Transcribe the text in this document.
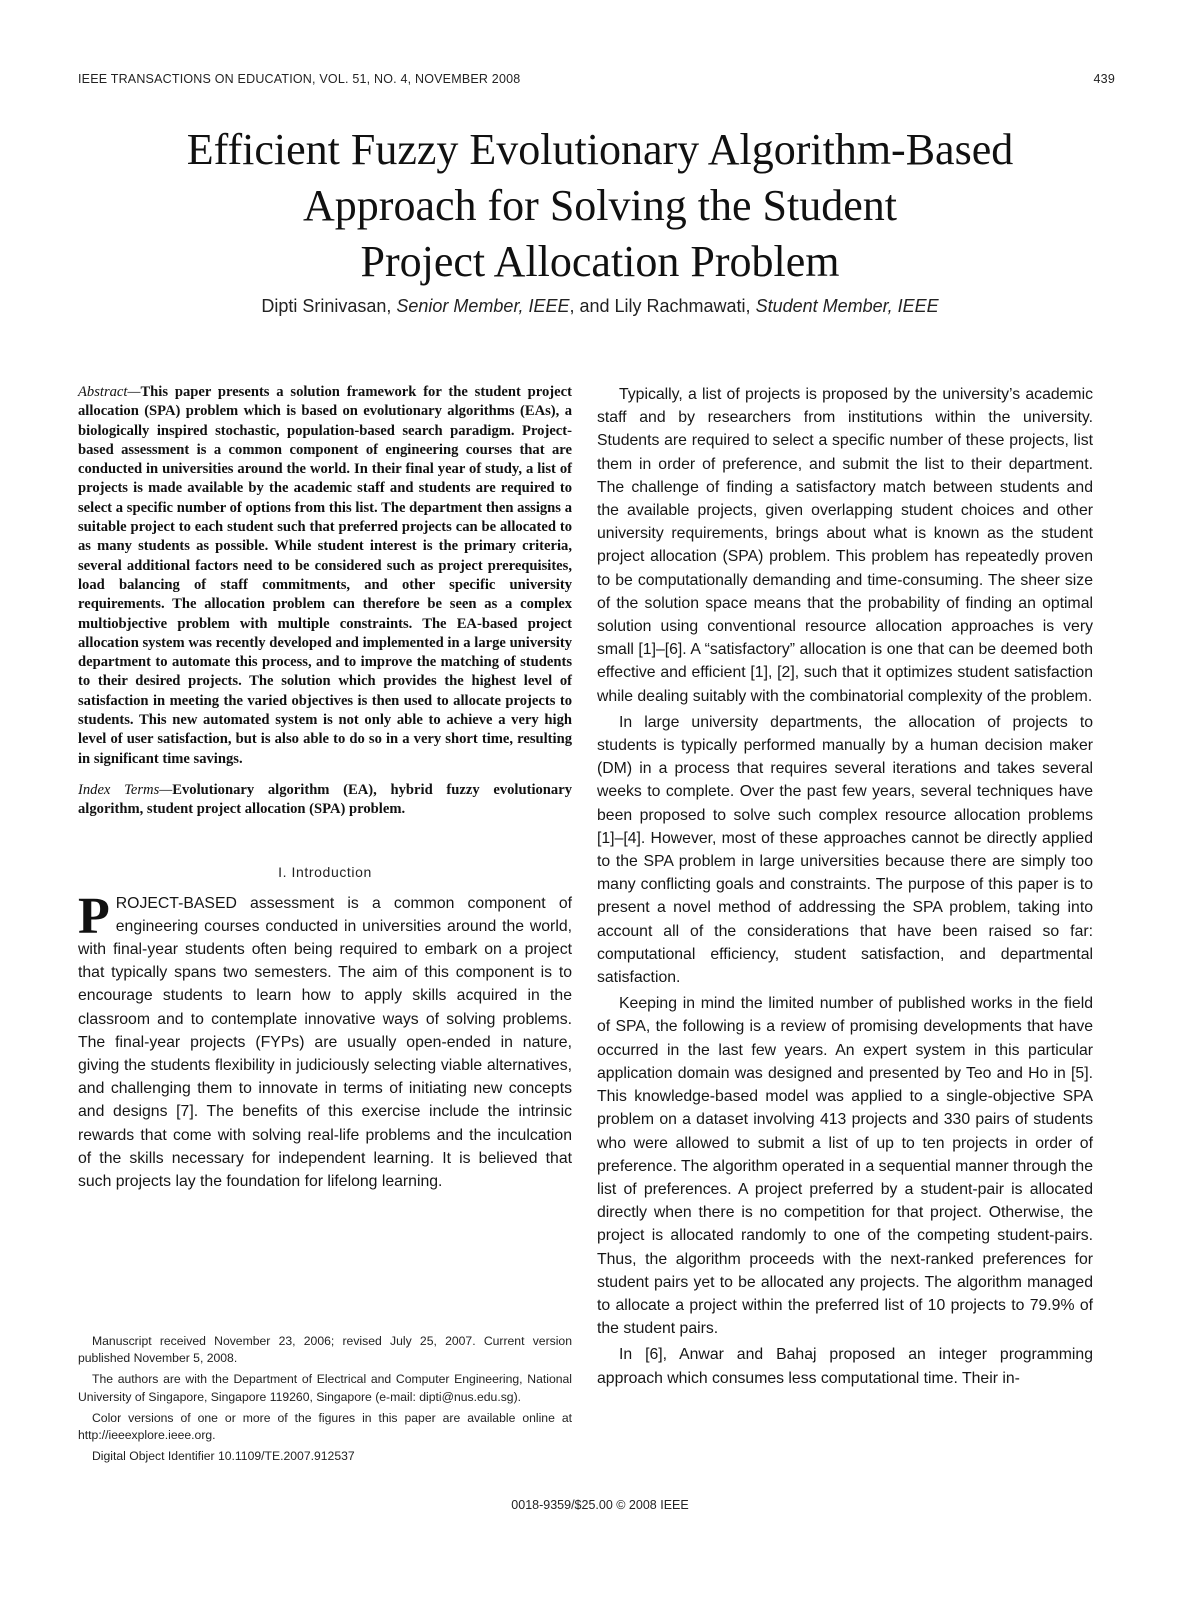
IEEE TRANSACTIONS ON EDUCATION, VOL. 51, NO. 4, NOVEMBER 2008	439
Efficient Fuzzy Evolutionary Algorithm-Based
Approach for Solving the Student
Project Allocation Problem
Dipti Srinivasan, Senior Member, IEEE, and Lily Rachmawati, Student Member, IEEE

Abstract—This paper presents a solution framework for the student project allocation (SPA) problem which is based on evolutionary algorithms (EAs), a biologically inspired stochastic, population-based search paradigm. Project-based assessment is a common component of engineering courses that are conducted in universities around the world. In their final year of study, a list of projects is made available by the academic staff and students are required to select a specific number of options from this list. The department then assigns a suitable project to each student such that preferred projects can be allocated to as many students as possible. While student interest is the primary criteria, several additional factors need to be considered such as project prerequisites, load balancing of staff commitments, and other specific university requirements. The allocation problem can therefore be seen as a complex multiobjective problem with multiple constraints. The EA-based project allocation system was recently developed and implemented in a large university department to automate this process, and to improve the matching of students to their desired projects. The solution which provides the highest level of satisfaction in meeting the varied objectives is then used to allocate projects to students. This new automated system is not only able to achieve a very high level of user satisfaction, but is also able to do so in a very short time, resulting in significant time savings.

Index Terms—Evolutionary algorithm (EA), hybrid fuzzy evolutionary algorithm, student project allocation (SPA) problem.

I. Introduction

PROJECT-BASED assessment is a common component of engineering courses conducted in universities around the world, with final-year students often being required to embark on a project that typically spans two semesters. The aim of this component is to encourage students to learn how to apply skills acquired in the classroom and to contemplate innovative ways of solving problems. The final-year projects (FYPs) are usually open-ended in nature, giving the students flexibility in judiciously selecting viable alternatives, and challenging them to innovate in terms of initiating new concepts and designs [7]. The benefits of this exercise include the intrinsic rewards that come with solving real-life problems and the inculcation of the skills necessary for independent learning. It is believed that such projects lay the foundation for lifelong learning.

Manuscript received November 23, 2006; revised July 25, 2007. Current version published November 5, 2008.

The authors are with the Department of Electrical and Computer Engineering, National University of Singapore, Singapore 119260, Singapore (e-mail: dipti@nus.edu.sg).

Color versions of one or more of the figures in this paper are available online at http://ieeexplore.ieee.org.

Digital Object Identifier 10.1109/TE.2007.912537

Typically, a list of projects is proposed by the university’s academic staff and by researchers from institutions within the university. Students are required to select a specific number of these projects, list them in order of preference, and submit the list to their department. The challenge of finding a satisfactory match between students and the available projects, given overlapping student choices and other university requirements, brings about what is known as the student project allocation (SPA) problem. This problem has repeatedly proven to be computationally demanding and time-consuming. The sheer size of the solution space means that the probability of finding an optimal solution using conventional resource allocation approaches is very small [1]–[6]. A “satisfactory” allocation is one that can be deemed both effective and efficient [1], [2], such that it optimizes student satisfaction while dealing suitably with the combinatorial complexity of the problem.

In large university departments, the allocation of projects to students is typically performed manually by a human decision maker (DM) in a process that requires several iterations and takes several weeks to complete. Over the past few years, several techniques have been proposed to solve such complex resource allocation problems [1]–[4]. However, most of these approaches cannot be directly applied to the SPA problem in large universities because there are simply too many conflicting goals and constraints. The purpose of this paper is to present a novel method of addressing the SPA problem, taking into account all of the considerations that have been raised so far: computational efficiency, student satisfaction, and departmental satisfaction.

Keeping in mind the limited number of published works in the field of SPA, the following is a review of promising developments that have occurred in the last few years. An expert system in this particular application domain was designed and presented by Teo and Ho in [5]. This knowledge-based model was applied to a single-objective SPA problem on a dataset involving 413 projects and 330 pairs of students who were allowed to submit a list of up to ten projects in order of preference. The algorithm operated in a sequential manner through the list of preferences. A project preferred by a student-pair is allocated directly when there is no competition for that project. Otherwise, the project is allocated randomly to one of the competing student-pairs. Thus, the algorithm proceeds with the next-ranked preferences for student pairs yet to be allocated any projects. The algorithm managed to allocate a project within the preferred list of 10 projects to 79.9% of the student pairs.

In [6], Anwar and Bahaj proposed an integer programming approach which consumes less computational time. Their in-

0018-9359/$25.00 © 2008 IEEE
